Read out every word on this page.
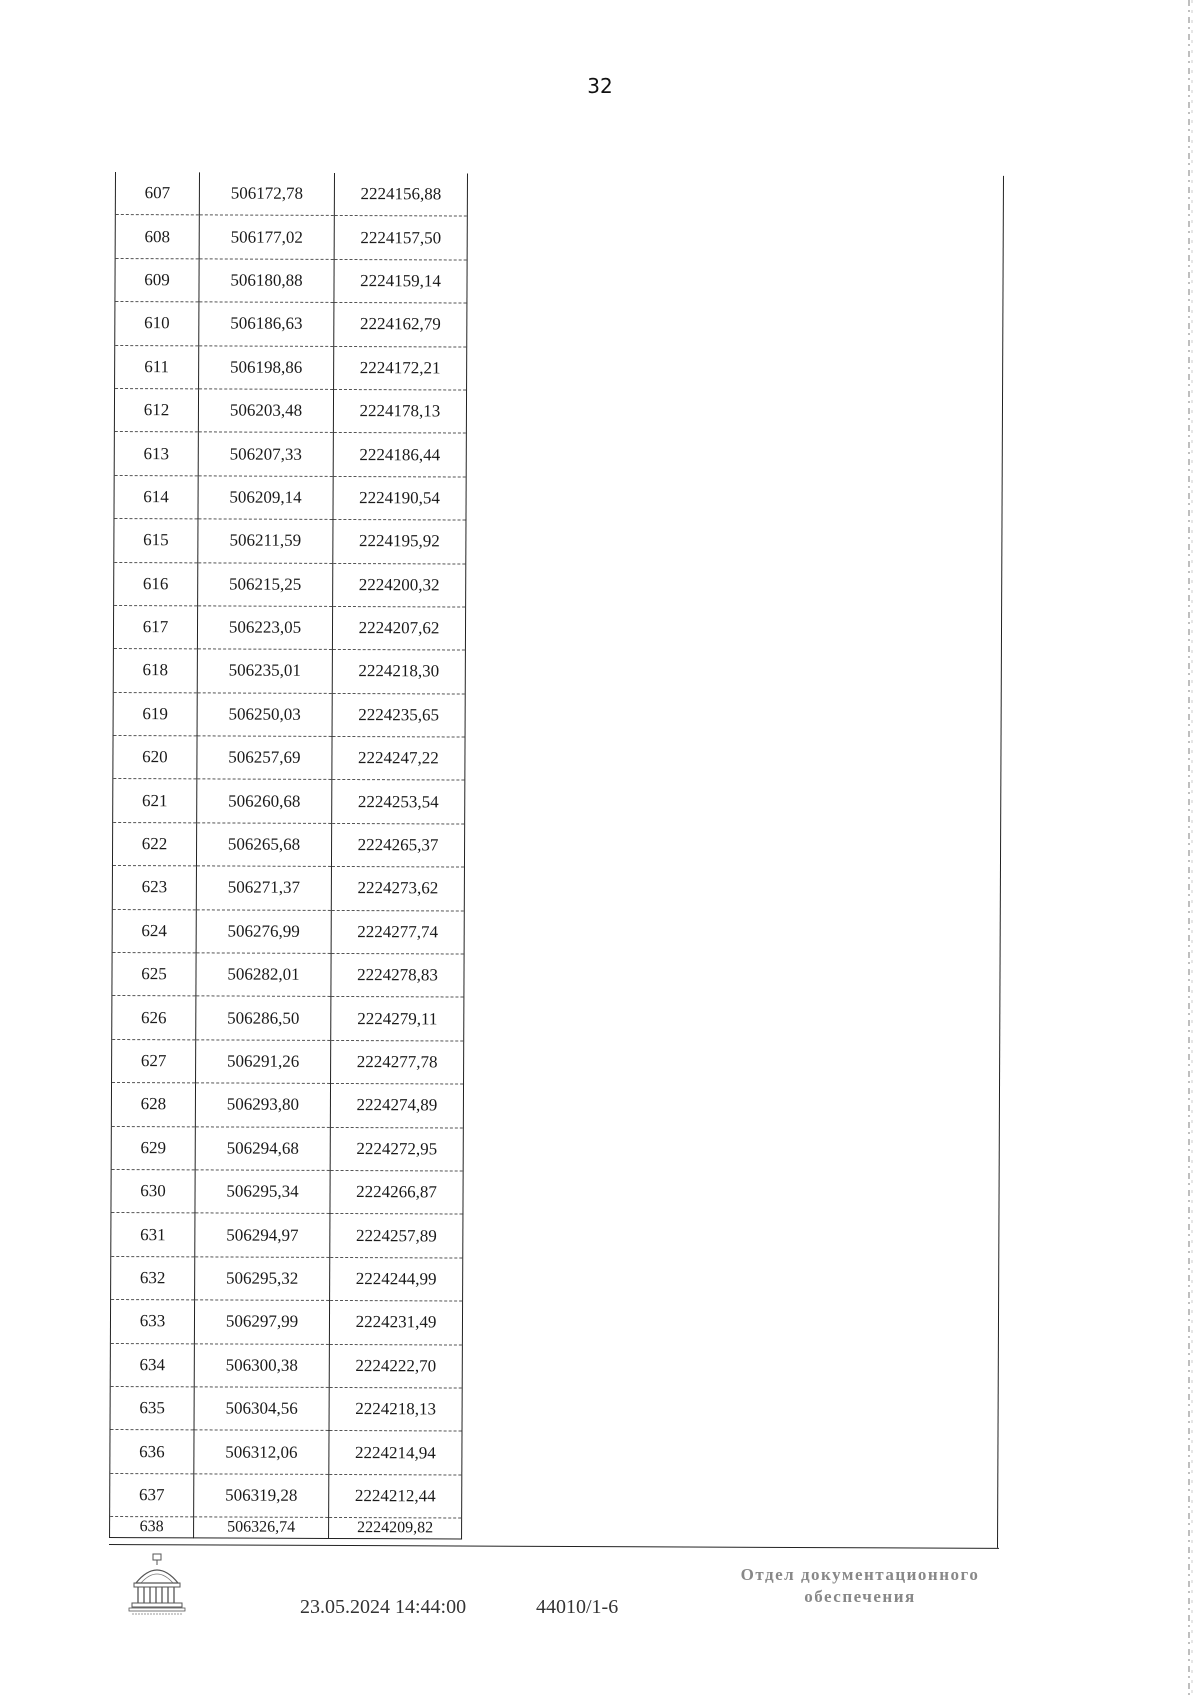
32
607	506172,78	2224156,88
608	506177,02	2224157,50
609	506180,88	2224159,14
610	506186,63	2224162,79
611	506198,86	2224172,21
612	506203,48	2224178,13
613	506207,33	2224186,44
614	506209,14	2224190,54
615	506211,59	2224195,92
616	506215,25	2224200,32
617	506223,05	2224207,62
618	506235,01	2224218,30
619	506250,03	2224235,65
620	506257,69	2224247,22
621	506260,68	2224253,54
622	506265,68	2224265,37
623	506271,37	2224273,62
624	506276,99	2224277,74
625	506282,01	2224278,83
626	506286,50	2224279,11
627	506291,26	2224277,78
628	506293,80	2224274,89
629	506294,68	2224272,95
630	506295,34	2224266,87
631	506294,97	2224257,89
632	506295,32	2224244,99
633	506297,99	2224231,49
634	506300,38	2224222,70
635	506304,56	2224218,13
636	506312,06	2224214,94
637	506319,28	2224212,44
638	506326,74	2224209,82
23.05.2024 14:44:00	44010/1-6
Отдел документационного
обеспечения
